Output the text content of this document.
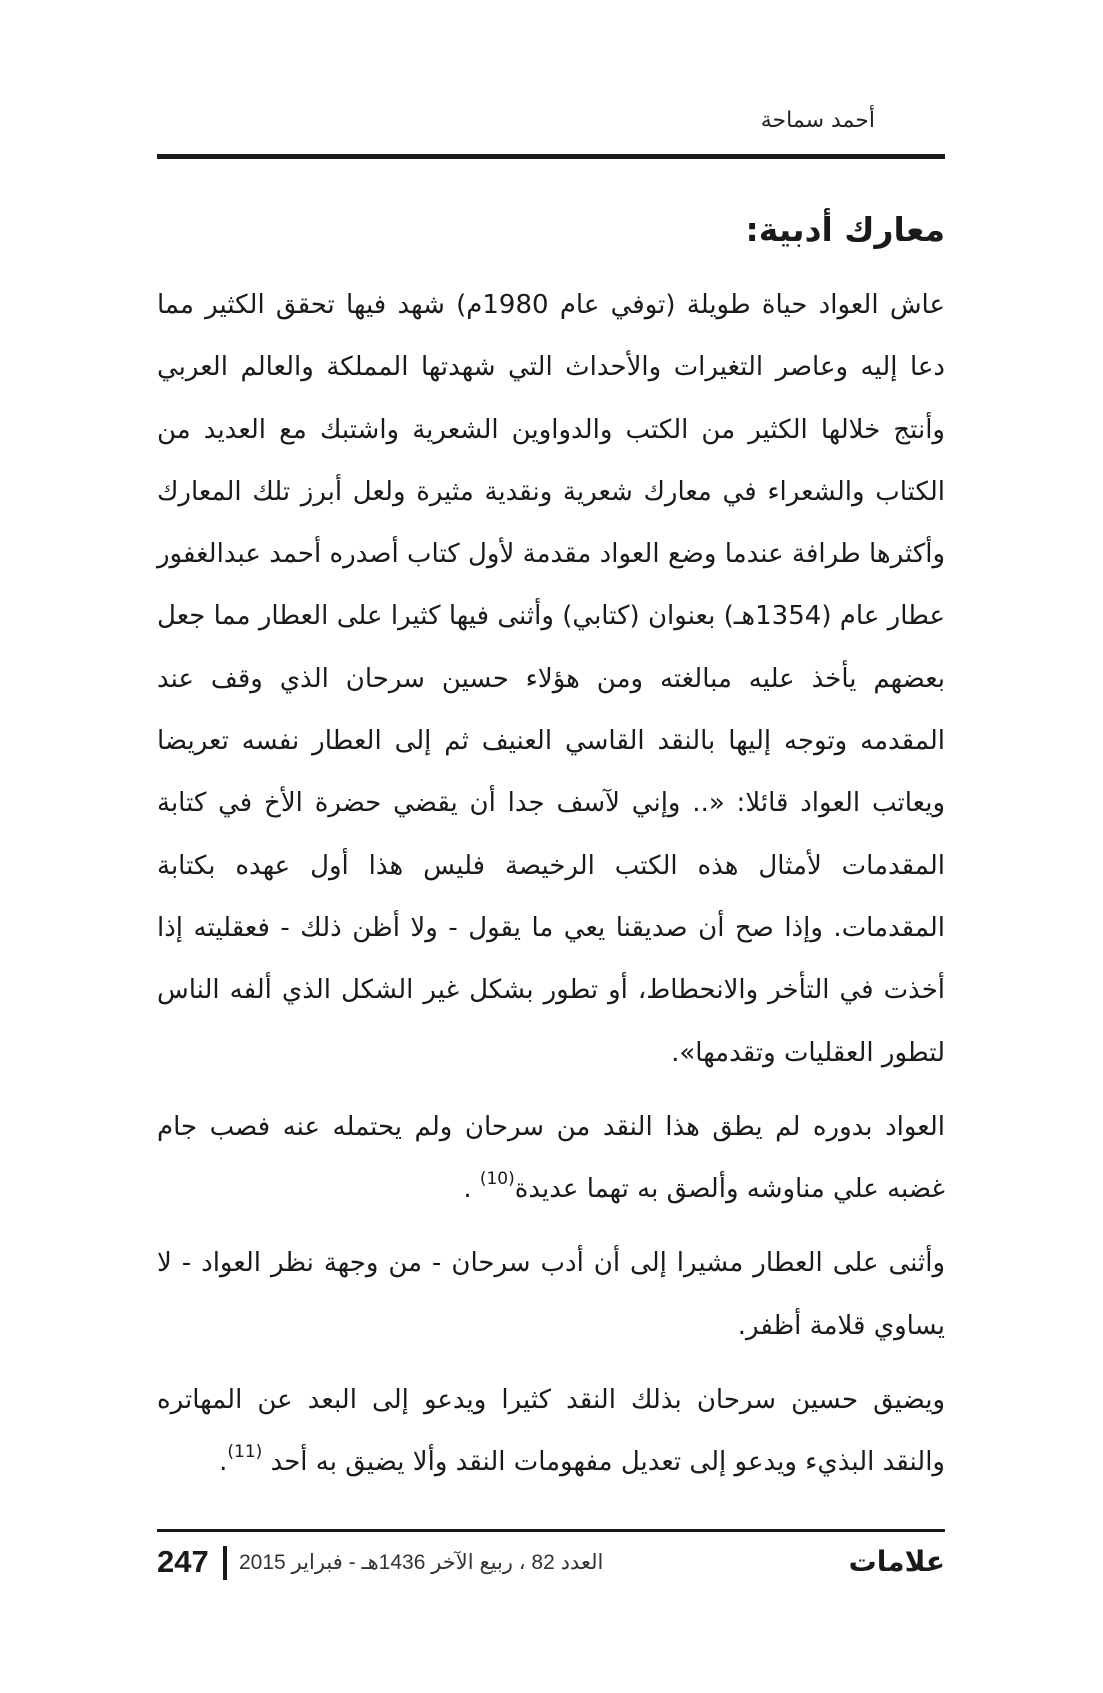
أحمد سماحة
معارك أدبية:

عاش العواد حياة طويلة (توفي عام 1980م) شهد فيها تحقق الكثير مما دعا إليه وعاصر التغيرات والأحداث التي شهدتها المملكة والعالم العربي وأنتج خلالها الكثير من الكتب والدواوين الشعرية واشتبك مع العديد من الكتاب والشعراء في معارك شعرية ونقدية مثيرة ولعل أبرز تلك المعارك وأكثرها طرافة عندما وضع العواد مقدمة لأول كتاب أصدره أحمد عبدالغفور عطار عام (1354هـ) بعنوان (كتابي) وأثنى فيها كثيرا على العطار مما جعل بعضهم يأخذ عليه مبالغته ومن هؤلاء حسين سرحان الذي وقف عند المقدمه وتوجه إليها بالنقد القاسي العنيف ثم إلى العطار نفسه تعريضا ويعاتب العواد قائلا: «.. وإني لآسف جدا أن يقضي حضرة الأخ في كتابة المقدمات لأمثال هذه الكتب الرخيصة فليس هذا أول عهده بكتابة المقدمات. وإذا صح أن صديقنا يعي ما يقول - ولا أظن ذلك - فعقليته إذا أخذت في التأخر والانحطاط، أو تطور بشكل غير الشكل الذي ألفه الناس لتطور العقليات وتقدمها».

العواد بدوره لم يطق هذا النقد من سرحان ولم يحتمله عنه فصب جام غضبه علي مناوشه وألصق به تهما عديدة$^{(10)}$ .

وأثنى على العطار مشيرا إلى أن أدب سرحان - من وجهة نظر العواد - لا يساوي قلامة أظفر.

ويضيق حسين سرحان بذلك النقد كثيرا ويدعو إلى البعد عن المهاتره والنقد البذيء ويدعو إلى تعديل مفهومات النقد وألا يضيق به أحد $^{(11)}$.

247 العدد 82 ، ربيع الآخر 1436هـ - فبراير 2015	علامات
